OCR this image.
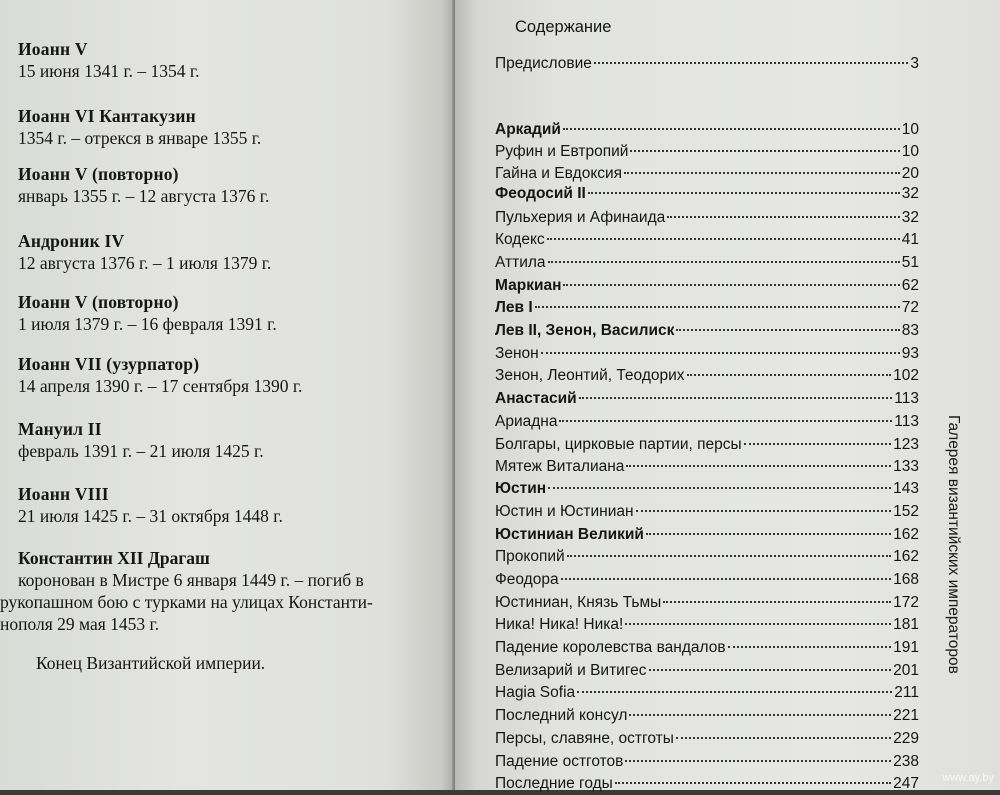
Иоанн V
15 июня 1341 г. – 1354 г.
Иоанн VI Кантакузин
1354 г. – отрекся в январе 1355 г.
Иоанн V (повторно)
январь 1355 г. – 12 августа 1376 г.
Андроник IV
12 августа 1376 г. – 1 июля 1379 г.
Иоанн V (повторно)
1 июля 1379 г. – 16 февраля 1391 г.
Иоанн VII (узурпатор)
14 апреля 1390 г. – 17 сентября 1390 г.
Мануил II
февраль 1391 г. – 21 июля 1425 г.
Иоанн VIII
21 июля 1425 г. – 31 октября 1448 г.
Константин XII Драгаш
коронован в Мистре 6 января 1449 г. – погиб в
рукопашном бою с турками на улицах Константи-
нополя 29 мая 1453 г.
Конец Византийской империи.
Содержание
Предисловие	3
Аркадий	10
Руфин и Евтропий	10
Гайна и Евдоксия	20
Феодосий II	32
Пульхерия и Афинаида	32
Кодекс	41
Аттила	51
Маркиан	62
Лев I	72
Лев II, Зенон, Василиск	83
Зенон	93
Зенон, Леонтий, Теодорих	102
Анастасий	113
Ариадна	113
Болгары, цирковые партии, персы	123
Мятеж Виталиана	133
Юстин	143
Юстин и Юстиниан	152
Юстиниан Великий	162
Прокопий	162
Феодора	168
Юстиниан, Князь Тьмы	172
Ника! Ника! Ника!	181
Падение королевства вандалов	191
Велизарий и Витигес	201
Hagia Sofia	211
Последний консул	221
Персы, славяне, остготы	229
Падение остготов	238
Последние годы	247
Галерея византийских императоров
www.ay.by
